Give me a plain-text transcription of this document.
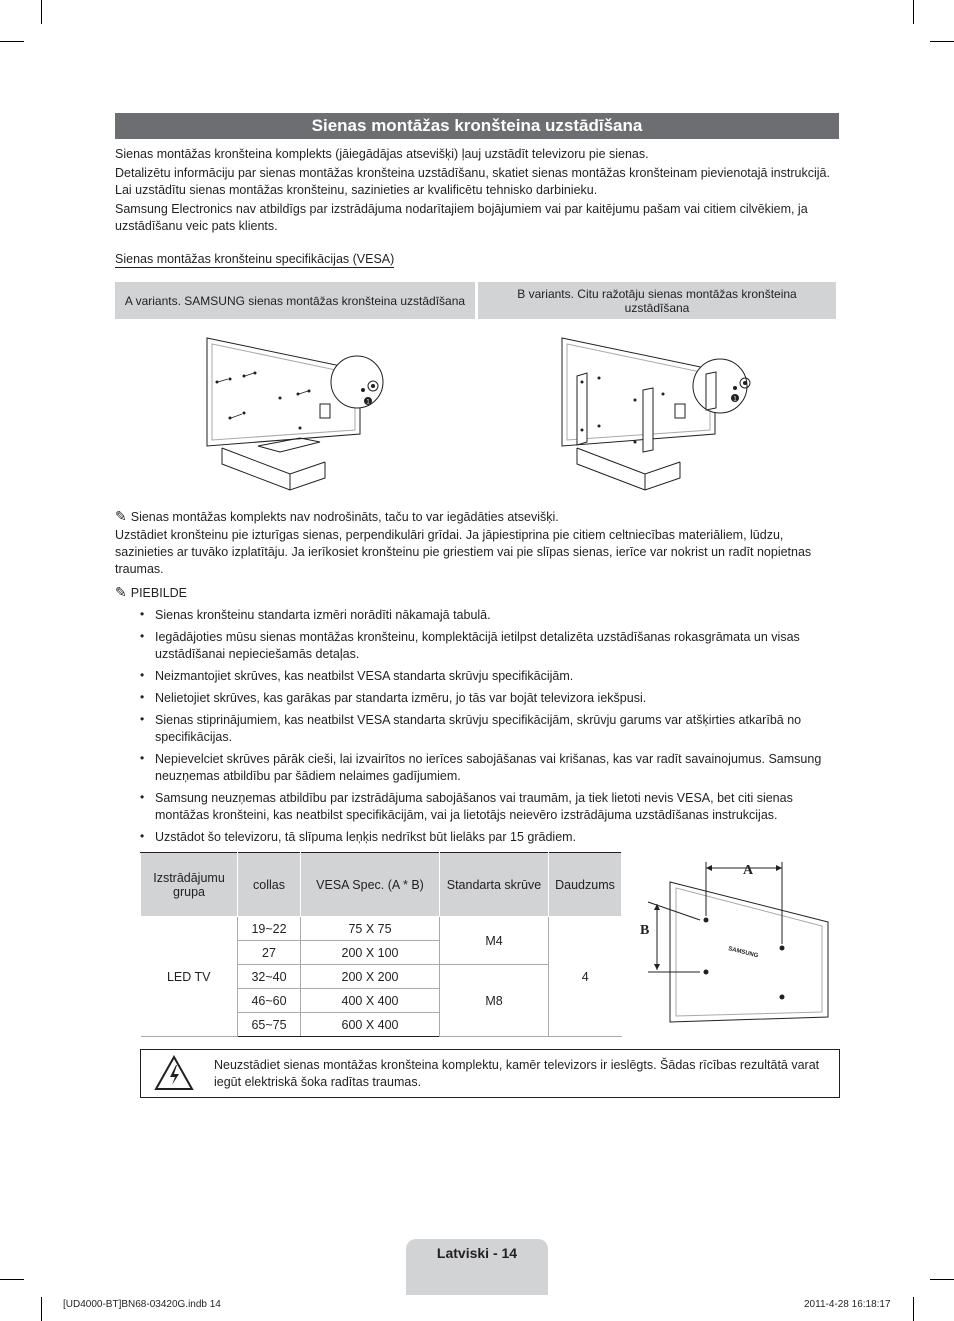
Sienas montāžas kronšteina uzstādīšana

Sienas montāžas kronšteina komplekts (jāiegādājas atsevišķi) ļauj uzstādīt televizoru pie sienas.

Detalizētu informāciju par sienas montāžas kronšteina uzstādīšanu, skatiet sienas montāžas kronšteinam pievienotajā instrukcijā. Lai uzstādītu sienas montāžas kronšteinu, sazinieties ar kvalificētu tehnisko darbinieku.

Samsung Electronics nav atbildīgs par izstrādājuma nodarītajiem bojājumiem vai par kaitējumu pašam vai citiem cilvēkiem, ja uzstādīšanu veic pats klients.

Sienas montāžas kronšteinu specifikācijas (VESA)
A variants. SAMSUNG sienas montāžas kronšteina uzstādīšana	B variants. Citu ražotāju sienas montāžas kronšteina uzstādīšana
1	1
✎ Sienas montāžas komplekts nav nodrošināts, taču to var iegādāties atsevišķi.
Uzstādiet kronšteinu pie izturīgas sienas, perpendikulāri grīdai. Ja jāpiestiprina pie citiem celtniecības materiāliem, lūdzu, sazinieties ar tuvāko izplatītāju. Ja ierīkosiet kronšteinu pie griestiem vai pie slīpas sienas, ierīce var nokrist un radīt nopietnas traumas.
✎ PIEBILDE
• Sienas kronšteinu standarta izmēri norādīti nākamajā tabulā.
• Iegādājoties mūsu sienas montāžas kronšteinu, komplektācijā ietilpst detalizēta uzstādīšanas rokasgrāmata un visas uzstādīšanai nepieciešamās detaļas.
• Neizmantojiet skrūves, kas neatbilst VESA standarta skrūvju specifikācijām.
• Nelietojiet skrūves, kas garākas par standarta izmēru, jo tās var bojāt televizora iekšpusi.
• Sienas stiprinājumiem, kas neatbilst VESA standarta skrūvju specifikācijām, skrūvju garums var atšķirties atkarībā no specifikācijas.
• Nepievelciet skrūves pārāk cieši, lai izvairītos no ierīces sabojāšanas vai krišanas, kas var radīt savainojumus. Samsung neuzņemas atbildību par šādiem nelaimes gadījumiem.
• Samsung neuzņemas atbildību par izstrādājuma sabojāšanos vai traumām, ja tiek lietoti nevis VESA, bet citi sienas montāžas kronšteini, kas neatbilst specifikācijām, vai ja lietotājs neievēro izstrādājuma uzstādīšanas instrukcijas.
• Uzstādot šo televizoru, tā slīpuma leņķis nedrīkst būt lielāks par 15 grādiem.
Izstrādājumu grupa	collas	VESA Spec. (A * B)	Standarta skrūve	Daudzums
LED TV	19~22	75 X 75	M4	4
	27	200 X 100		
	32~40	200 X 200	M8	
	46~60	400 X 400		
	65~75	600 X 400		
A
B
SAMSUNG
Neuzstādiet sienas montāžas kronšteina komplektu, kamēr televizors ir ieslēgts. Šādas rīcības rezultātā varat iegūt elektriskā šoka radītas traumas.
Latviski - 14
[UD4000-BT]BN68-03420G.indb 14	2011-4-28 16:18:17
